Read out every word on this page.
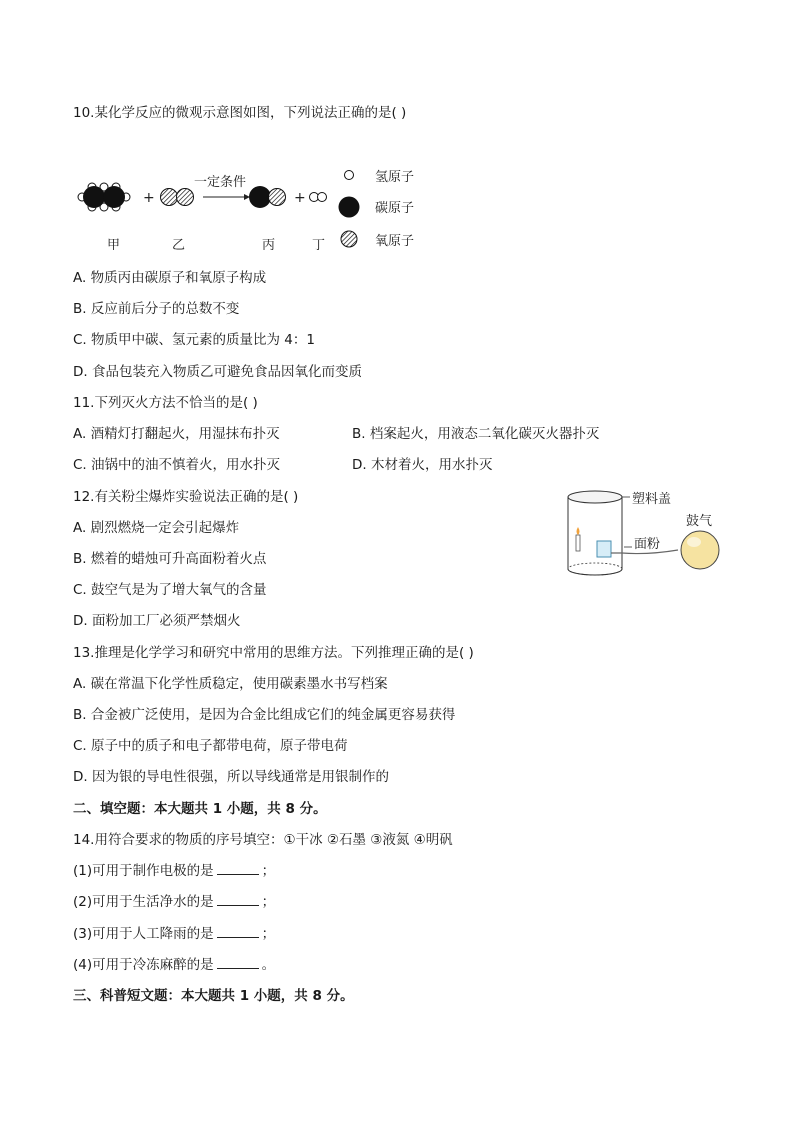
10.某化学反应的微观示意图如图，下列说法正确的是( )
+
一定条件
+
甲	乙	丙	丁
氢原子
碳原子
氧原子
A. 物质丙由碳原子和氧原子构成
B. 反应前后分子的总数不变
C. 物质甲中碳、氢元素的质量比为 4：1
D. 食品包装充入物质乙可避免食品因氧化而变质
11.下列灭火方法不恰当的是( )
A. 酒精灯打翻起火，用湿抹布扑灭	B. 档案起火，用液态二氧化碳灭火器扑灭
C. 油锅中的油不慎着火，用水扑灭	D. 木材着火，用水扑灭
12.有关粉尘爆炸实验说法正确的是( )
A. 剧烈燃烧一定会引起爆炸
B. 燃着的蜡烛可升高面粉着火点
C. 鼓空气是为了增大氧气的含量
D. 面粉加工厂必须严禁烟火
塑料盖
面粉
鼓气
13.推理是化学学习和研究中常用的思维方法。下列推理正确的是( )
A. 碳在常温下化学性质稳定，使用碳素墨水书写档案
B. 合金被广泛使用，是因为合金比组成它们的纯金属更容易获得
C. 原子中的质子和电子都带电荷，原子带电荷
D. 因为银的导电性很强，所以导线通常是用银制作的
二、填空题：本大题共 1 小题，共 8 分。
14.用符合要求的物质的序号填空：①干冰 ②石墨 ③液氮 ④明矾
(1)可用于制作电极的是	；
(2)可用于生活净水的是	；
(3)可用于人工降雨的是	；
(4)可用于冷冻麻醉的是	。
三、科普短文题：本大题共 1 小题，共 8 分。
